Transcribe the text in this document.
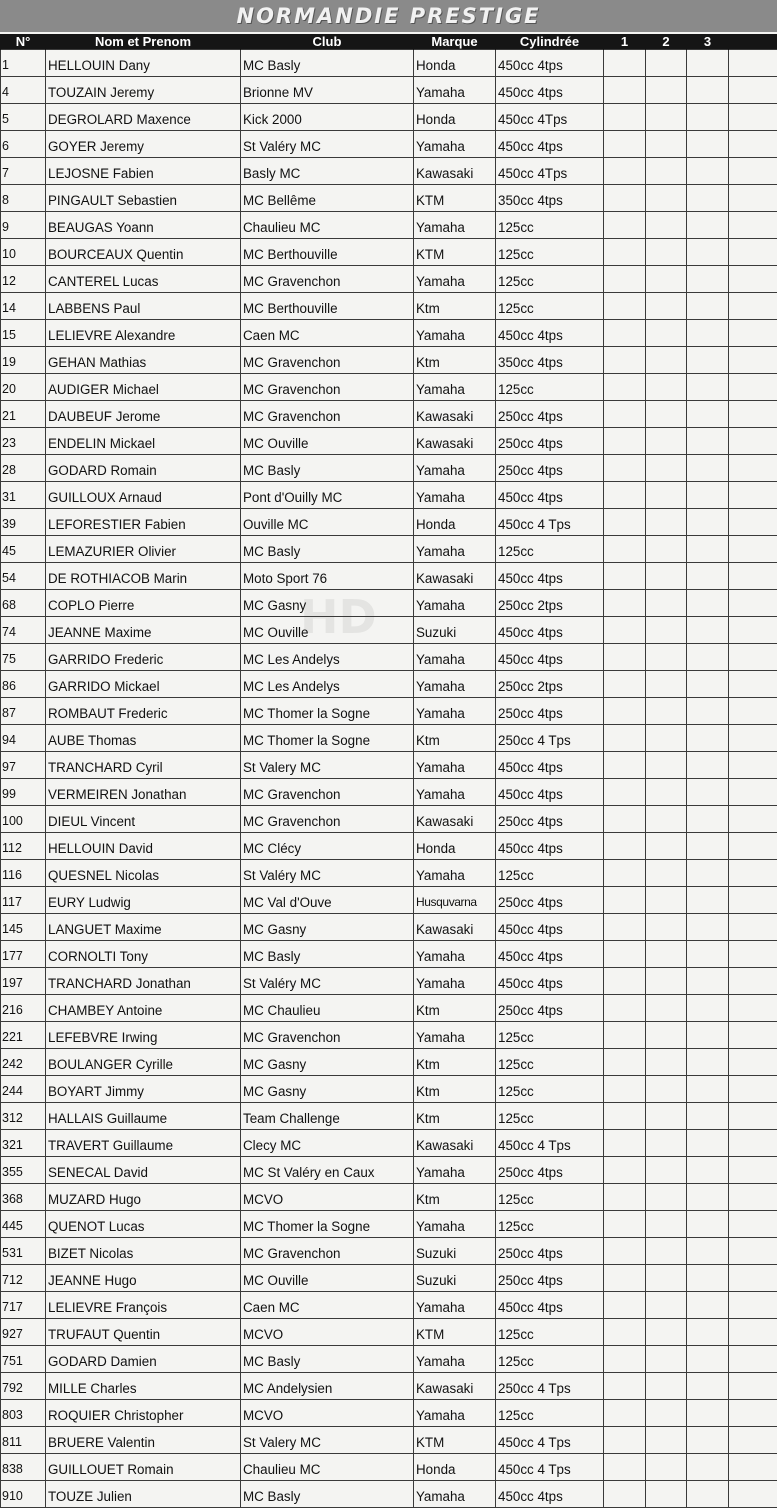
NORMANDIE PRESTIGE
HD
N°	Nom et Prenom	Club	Marque	Cylindrée	1	2	3	
1	HELLOUIN Dany	MC Basly	Honda	450cc 4tps				
4	TOUZAIN Jeremy	Brionne MV	Yamaha	450cc 4tps				
5	DEGROLARD Maxence	Kick 2000	Honda	450cc 4Tps				
6	GOYER Jeremy	St Valéry MC	Yamaha	450cc 4tps				
7	LEJOSNE Fabien	Basly MC	Kawasaki	450cc 4Tps				
8	PINGAULT Sebastien	MC Bellême	KTM	350cc 4tps				
9	BEAUGAS Yoann	Chaulieu MC	Yamaha	125cc				
10	BOURCEAUX Quentin	MC Berthouville	KTM	125cc				
12	CANTEREL Lucas	MC Gravenchon	Yamaha	125cc				
14	LABBENS Paul	MC Berthouville	Ktm	125cc				
15	LELIEVRE Alexandre	Caen MC	Yamaha	450cc 4tps				
19	GEHAN Mathias	MC Gravenchon	Ktm	350cc 4tps				
20	AUDIGER Michael	MC Gravenchon	Yamaha	125cc				
21	DAUBEUF Jerome	MC Gravenchon	Kawasaki	250cc 4tps				
23	ENDELIN Mickael	MC Ouville	Kawasaki	250cc 4tps				
28	GODARD Romain	MC Basly	Yamaha	250cc 4tps				
31	GUILLOUX Arnaud	Pont d'Ouilly MC	Yamaha	450cc 4tps				
39	LEFORESTIER Fabien	Ouville MC	Honda	450cc 4 Tps				
45	LEMAZURIER Olivier	MC Basly	Yamaha	125cc				
54	DE ROTHIACOB Marin	Moto Sport 76	Kawasaki	450cc 4tps				
68	COPLO Pierre	MC Gasny	Yamaha	250cc 2tps				
74	JEANNE Maxime	MC Ouville	Suzuki	450cc 4tps				
75	GARRIDO Frederic	MC Les Andelys	Yamaha	450cc 4tps				
86	GARRIDO Mickael	MC Les Andelys	Yamaha	250cc 2tps				
87	ROMBAUT Frederic	MC Thomer la Sogne	Yamaha	250cc 4tps				
94	AUBE Thomas	MC Thomer la Sogne	Ktm	250cc 4 Tps				
97	TRANCHARD Cyril	St Valery MC	Yamaha	450cc 4tps				
99	VERMEIREN Jonathan	MC Gravenchon	Yamaha	450cc 4tps				
100	DIEUL Vincent	MC Gravenchon	Kawasaki	250cc 4tps				
112	HELLOUIN David	MC Clécy	Honda	450cc 4tps				
116	QUESNEL Nicolas	St Valéry MC	Yamaha	125cc				
117	EURY Ludwig	MC Val d'Ouve	Husquvarna	250cc 4tps				
145	LANGUET Maxime	MC Gasny	Kawasaki	450cc 4tps				
177	CORNOLTI Tony	MC Basly	Yamaha	450cc 4tps				
197	TRANCHARD Jonathan	St Valéry MC	Yamaha	450cc 4tps				
216	CHAMBEY Antoine	MC Chaulieu	Ktm	250cc 4tps				
221	LEFEBVRE Irwing	MC Gravenchon	Yamaha	125cc				
242	BOULANGER Cyrille	MC Gasny	Ktm	125cc				
244	BOYART Jimmy	MC Gasny	Ktm	125cc				
312	HALLAIS Guillaume	Team Challenge	Ktm	125cc				
321	TRAVERT Guillaume	Clecy MC	Kawasaki	450cc 4 Tps				
355	SENECAL David	MC St Valéry en Caux	Yamaha	250cc 4tps				
368	MUZARD Hugo	MCVO	Ktm	125cc				
445	QUENOT Lucas	MC Thomer la Sogne	Yamaha	125cc				
531	BIZET Nicolas	MC Gravenchon	Suzuki	250cc 4tps				
712	JEANNE Hugo	MC Ouville	Suzuki	250cc 4tps				
717	LELIEVRE François	Caen MC	Yamaha	450cc 4tps				
927	TRUFAUT Quentin	MCVO	KTM	125cc				
751	GODARD Damien	MC Basly	Yamaha	125cc				
792	MILLE Charles	MC Andelysien	Kawasaki	250cc 4 Tps				
803	ROQUIER Christopher	MCVO	Yamaha	125cc				
811	BRUERE Valentin	St Valery MC	KTM	450cc 4 Tps				
838	GUILLOUET Romain	Chaulieu MC	Honda	450cc 4 Tps				
910	TOUZE Julien	MC Basly	Yamaha	450cc 4tps				
